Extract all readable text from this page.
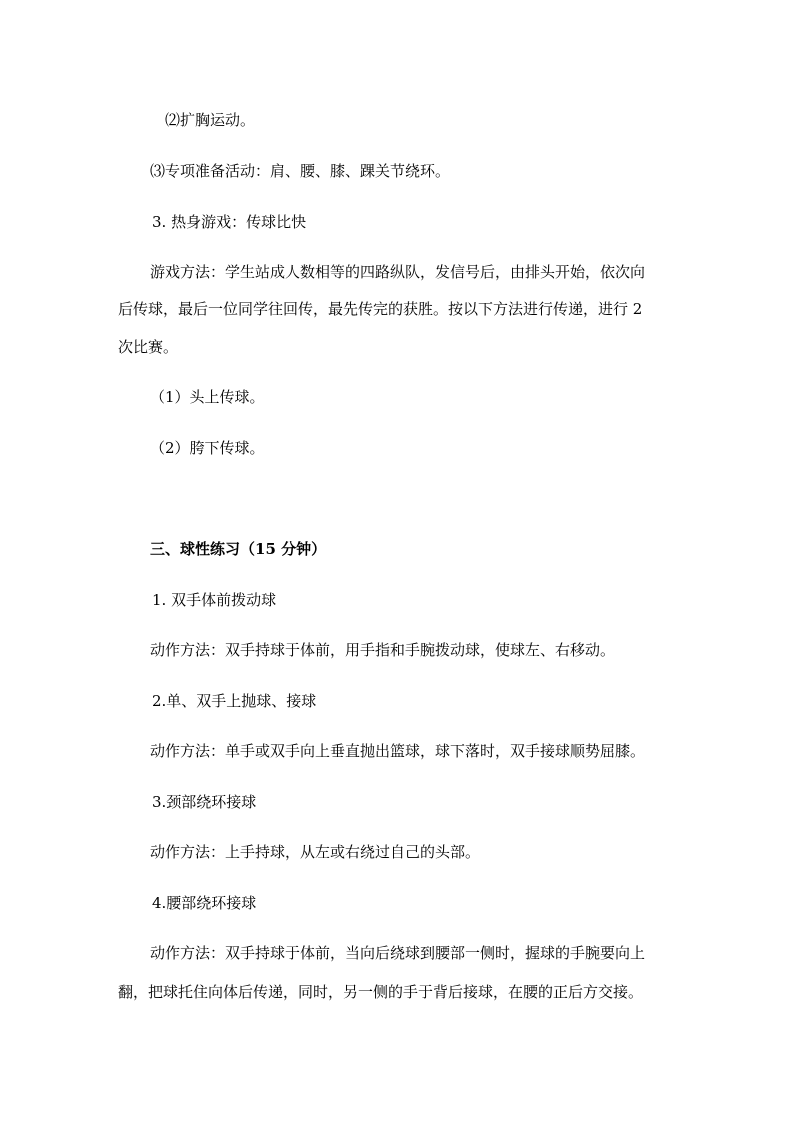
⑵扩胸运动。
⑶专项准备活动：肩、腰、膝、踝关节绕环。
3. 热身游戏：传球比快
游戏方法：学生站成人数相等的四路纵队，发信号后，由排头开始，依次向
后传球，最后一位同学往回传，最先传完的获胜。按以下方法进行传递，进行 2
次比赛。
（1）头上传球。
（2）胯下传球。
三、球性练习（15 分钟）
1. 双手体前拨动球
动作方法：双手持球于体前，用手指和手腕拨动球，使球左、右移动。
2.单、双手上抛球、接球
动作方法：单手或双手向上垂直抛出篮球，球下落时，双手接球顺势屈膝。
3.颈部绕环接球
动作方法：上手持球，从左或右绕过自己的头部。
4.腰部绕环接球
动作方法：双手持球于体前，当向后绕球到腰部一侧时，握球的手腕要向上
翻，把球托住向体后传递，同时，另一侧的手于背后接球，在腰的正后方交接。
